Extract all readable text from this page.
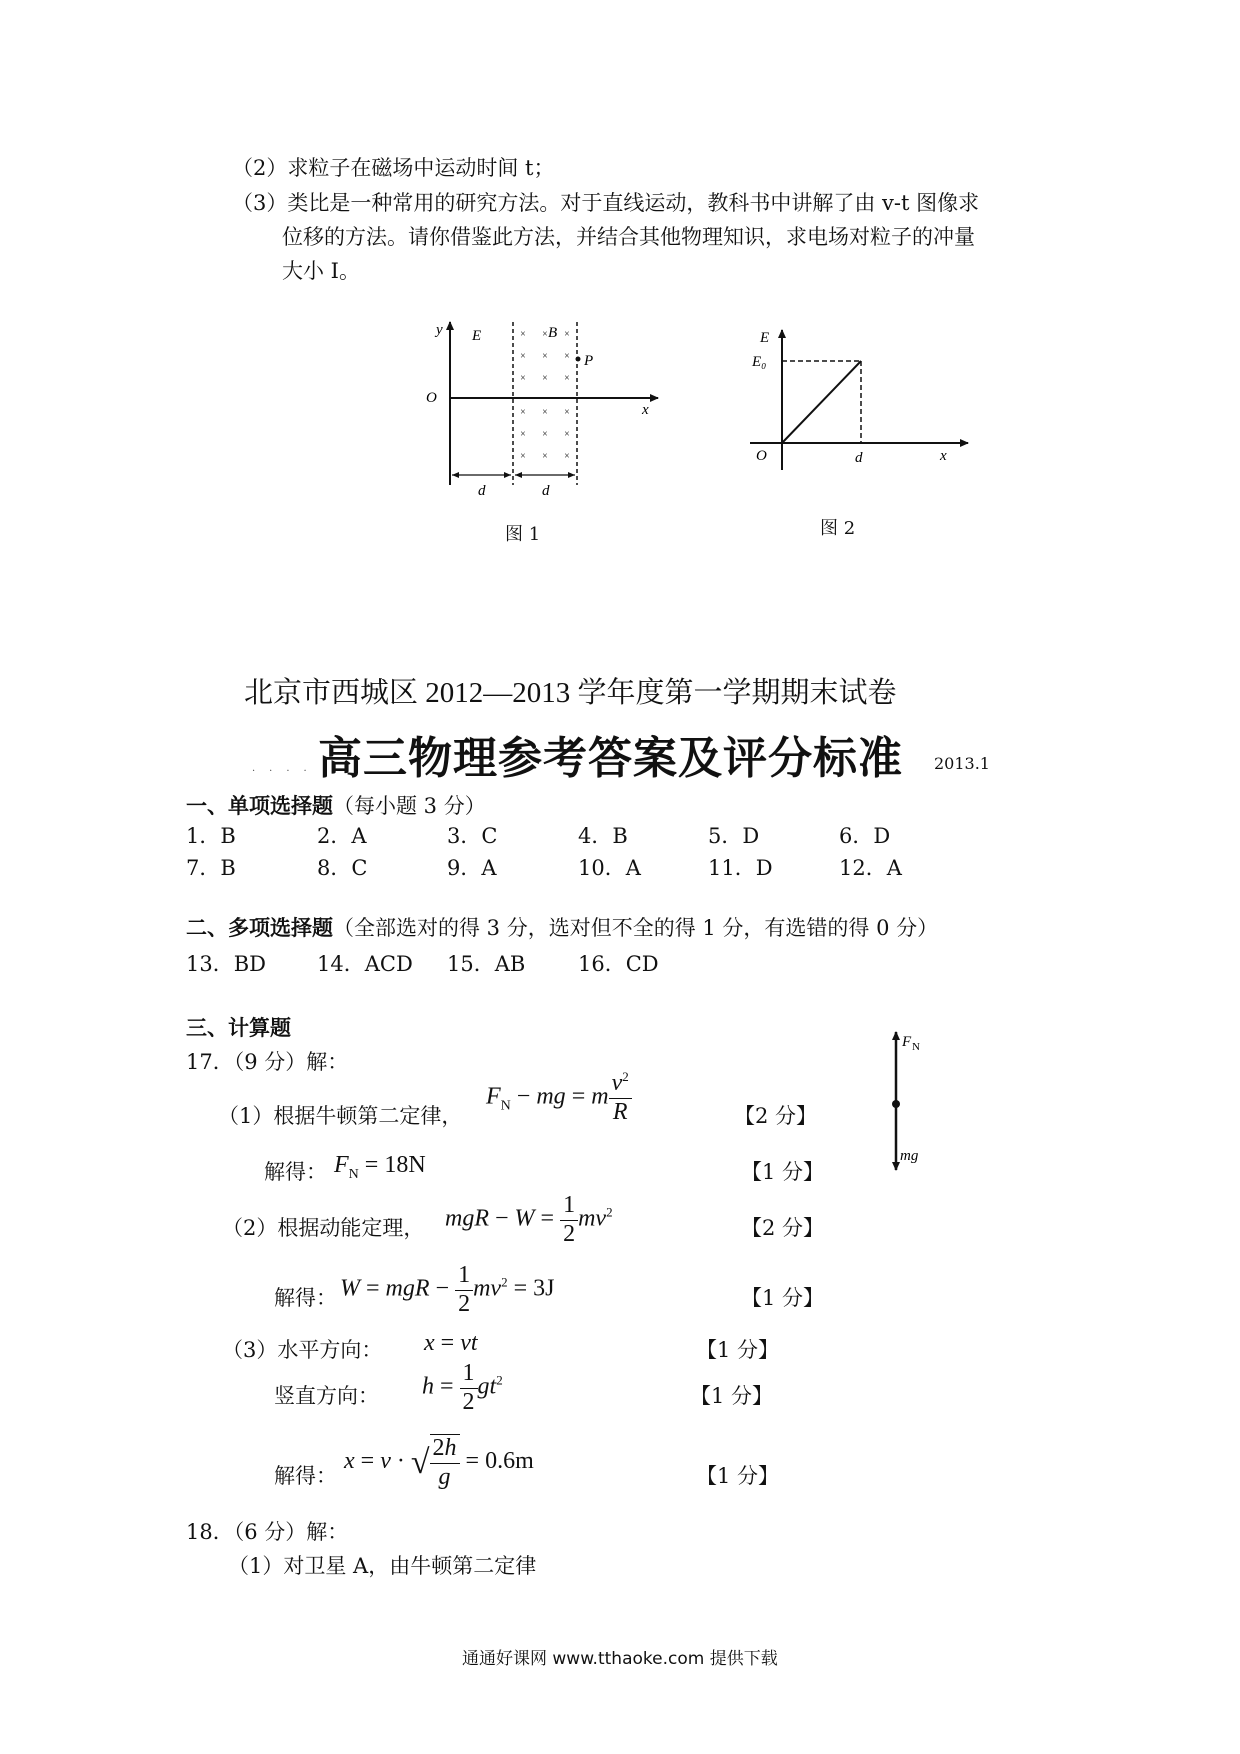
（2）求粒子在磁场中运动时间 t；
（3）类比是一种常用的研究方法。对于直线运动，教科书中讲解了由 v-t 图像求
位移的方法。请你借鉴此方法，并结合其他物理知识，求电场对粒子的冲量
大小 I。
× × ×
× × ×
× × ×
× × ×
× × ×
× × ×
y E	B
P
O
x
d	d
图 1
E
E₀
O	d	x
图 2
北京市西城区 2012—2013 学年度第一学期期末试卷
高三物理参考答案及评分标准 2013.1
····
一、单项选择题（每小题 3 分）
1．B	2．A	3．C	4．B	5．D	6．D
7．B	8．C	9．A	10．A	11．D	12．A
二、多项选择题（全部选对的得 3 分，选对但不全的得 1 分，有选错的得 0 分）
13．BD 14．ACD 15．AB	16．CD
三、计算题
17．（9 分）解：
（1）根据牛顿第二定律，
$F_N$ − mg = m $\frac{v^2}{R}$	【2 分】
解得： $F_N = 18N$	【1 分】
（2）根据动能定理， mgR − $W = \frac{1}{2} mv^2$
【2 分】
解得： W = mgR − $\frac{1}{2} mv^2 = 3J$	【1 分】
（3）水平方向： x = vt	【1 分】
竖直方向： $h = \frac{1}{2} gt^2$
【1 分】
解得：
x = v · √ $\frac{2h}{g} = 0.6m$
【1 分】
F N
mg
18．（6 分）解：
（1）对卫星 A，由牛顿第二定律
通通好课网 www.tthaoke.com 提供下载
